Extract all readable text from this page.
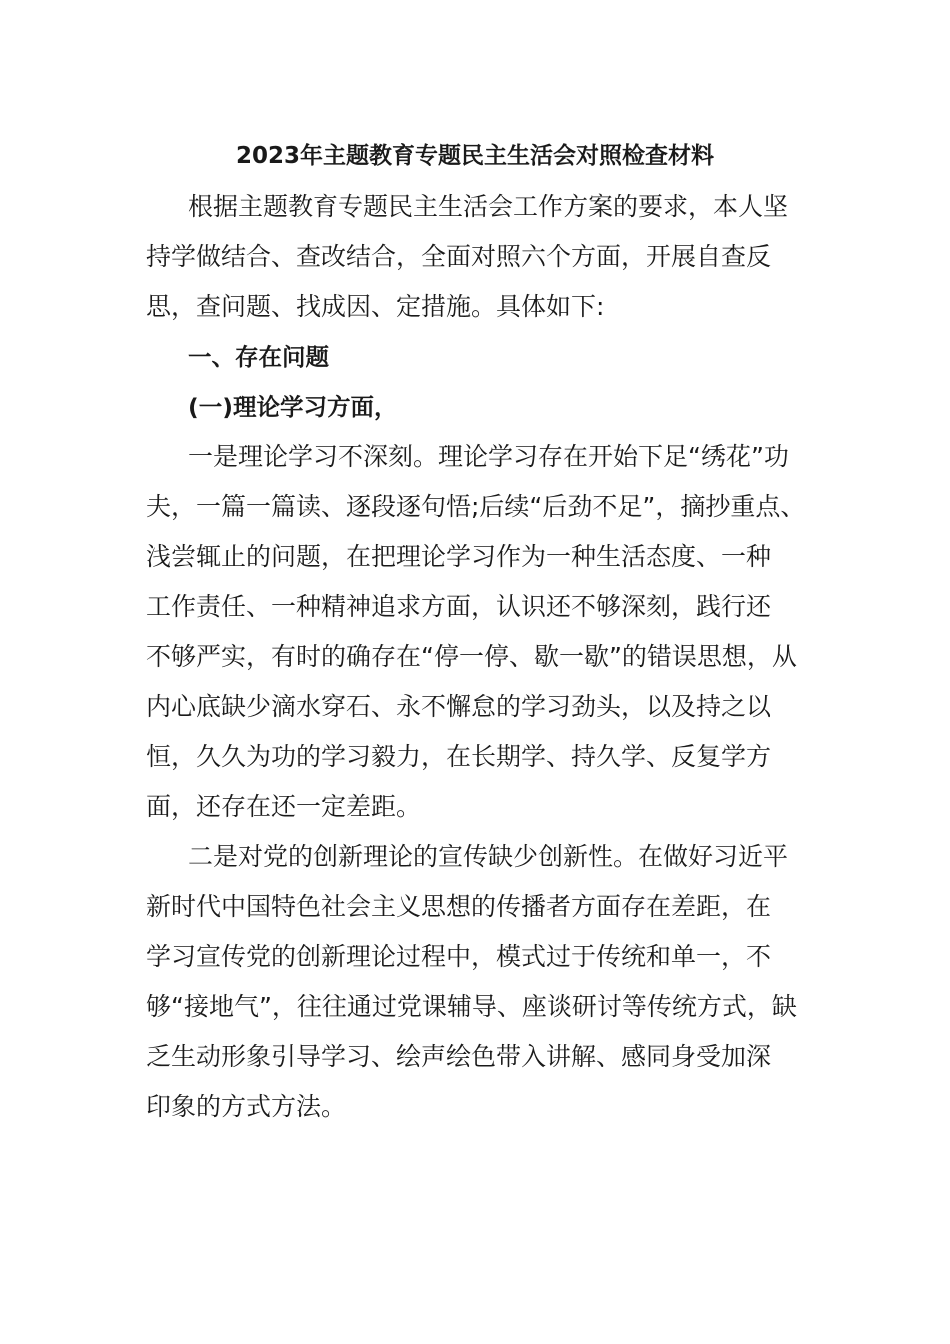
2023年主题教育专题民主生活会对照检查材料
根据主题教育专题民主生活会工作方案的要求，本人坚
持学做结合、查改结合，全面对照六个方面，开展自查反
思，查问题、找成因、定措施。具体如下:
一、存在问题
(一)理论学习方面，
一是理论学习不深刻。理论学习存在开始下足“绣花”功
夫，一篇一篇读、逐段逐句悟;后续“后劲不足”，摘抄重点、
浅尝辄止的问题，在把理论学习作为一种生活态度、一种
工作责任、一种精神追求方面，认识还不够深刻，践行还
不够严实，有时的确存在“停一停、歇一歇”的错误思想，从
内心底缺少滴水穿石、永不懈怠的学习劲头，以及持之以
恒，久久为功的学习毅力，在长期学、持久学、反复学方
面，还存在还一定差距。
二是对党的创新理论的宣传缺少创新性。在做好习近平
新时代中国特色社会主义思想的传播者方面存在差距，在
学习宣传党的创新理论过程中，模式过于传统和单一，不
够“接地气”，往往通过党课辅导、座谈研讨等传统方式，缺
乏生动形象引导学习、绘声绘色带入讲解、感同身受加深
印象的方式方法。
